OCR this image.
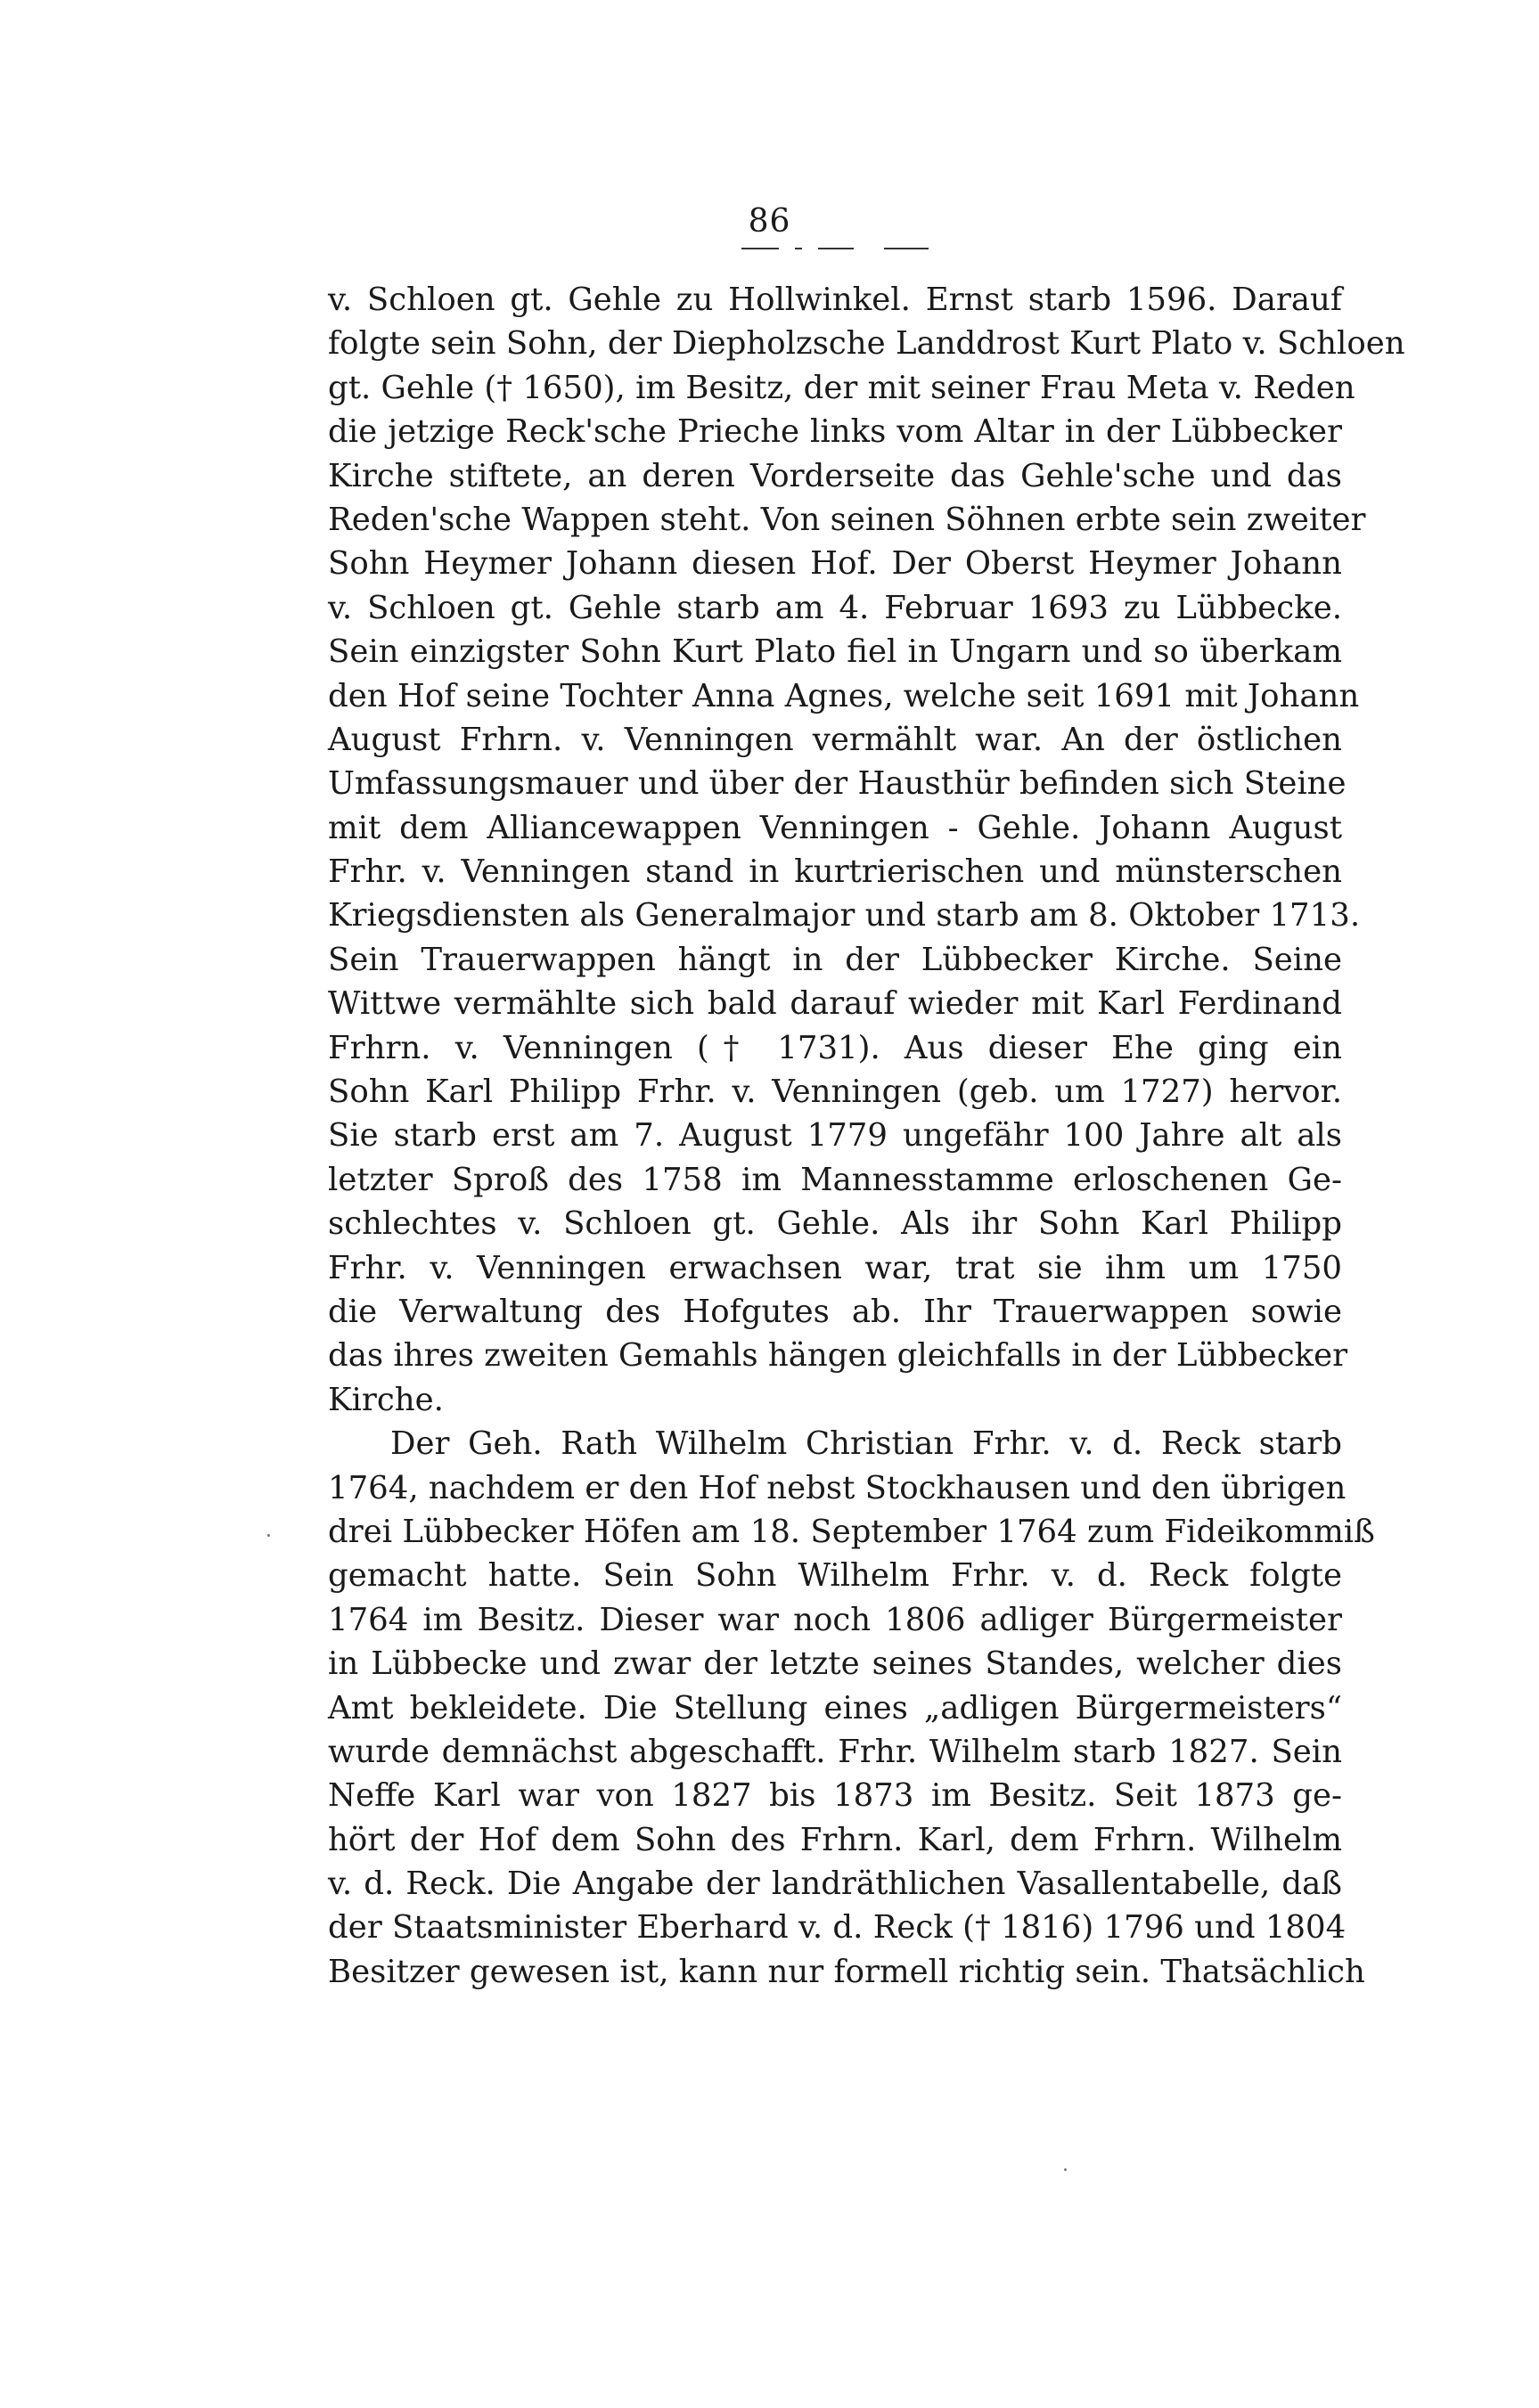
86
v. Schloen gt. Gehle zu Hollwinkel. Ernst starb 1596. Darauf
folgte sein Sohn, der Diepholzsche Landdrost Kurt Plato v. Schloen
gt. Gehle († 1650), im Besitz, der mit seiner Frau Meta v. Reden
die jetzige Reck'sche Prieche links vom Altar in der Lübbecker
Kirche stiftete, an deren Vorderseite das Gehle'sche und das
Reden'sche Wappen steht. Von seinen Söhnen erbte sein zweiter
Sohn Heymer Johann diesen Hof. Der Oberst Heymer Johann
v. Schloen gt. Gehle starb am 4. Februar 1693 zu Lübbecke.
Sein einzigster Sohn Kurt Plato fiel in Ungarn und so überkam
den Hof seine Tochter Anna Agnes, welche seit 1691 mit Johann
August Frhrn. v. Venningen vermählt war. An der östlichen
Umfassungsmauer und über der Hausthür befinden sich Steine
mit dem Alliancewappen Venningen - Gehle. Johann August
Frhr. v. Venningen stand in kurtrierischen und münsterschen
Kriegsdiensten als Generalmajor und starb am 8. Oktober 1713.
Sein Trauerwappen hängt in der Lübbecker Kirche. Seine
Wittwe vermählte sich bald darauf wieder mit Karl Ferdinand
Frhrn. v. Venningen († 1731). Aus dieser Ehe ging ein
Sohn Karl Philipp Frhr. v. Venningen (geb. um 1727) hervor.
Sie starb erst am 7. August 1779 ungefähr 100 Jahre alt als
letzter Sproß des 1758 im Mannesstamme erloschenen Ge-
schlechtes v. Schloen gt. Gehle. Als ihr Sohn Karl Philipp
Frhr. v. Venningen erwachsen war, trat sie ihm um 1750
die Verwaltung des Hofgutes ab. Ihr Trauerwappen sowie
das ihres zweiten Gemahls hängen gleichfalls in der Lübbecker
Kirche.
Der Geh. Rath Wilhelm Christian Frhr. v. d. Reck starb
1764, nachdem er den Hof nebst Stockhausen und den übrigen
drei Lübbecker Höfen am 18. September 1764 zum Fideikommiß
gemacht hatte. Sein Sohn Wilhelm Frhr. v. d. Reck folgte
1764 im Besitz. Dieser war noch 1806 adliger Bürgermeister
in Lübbecke und zwar der letzte seines Standes, welcher dies
Amt bekleidete. Die Stellung eines „adligen Bürgermeisters“
wurde demnächst abgeschafft. Frhr. Wilhelm starb 1827. Sein
Neffe Karl war von 1827 bis 1873 im Besitz. Seit 1873 ge-
hört der Hof dem Sohn des Frhrn. Karl, dem Frhrn. Wilhelm
v. d. Reck. Die Angabe der landräthlichen Vasallentabelle, daß
der Staatsminister Eberhard v. d. Reck († 1816) 1796 und 1804
Besitzer gewesen ist, kann nur formell richtig sein. Thatsächlich
